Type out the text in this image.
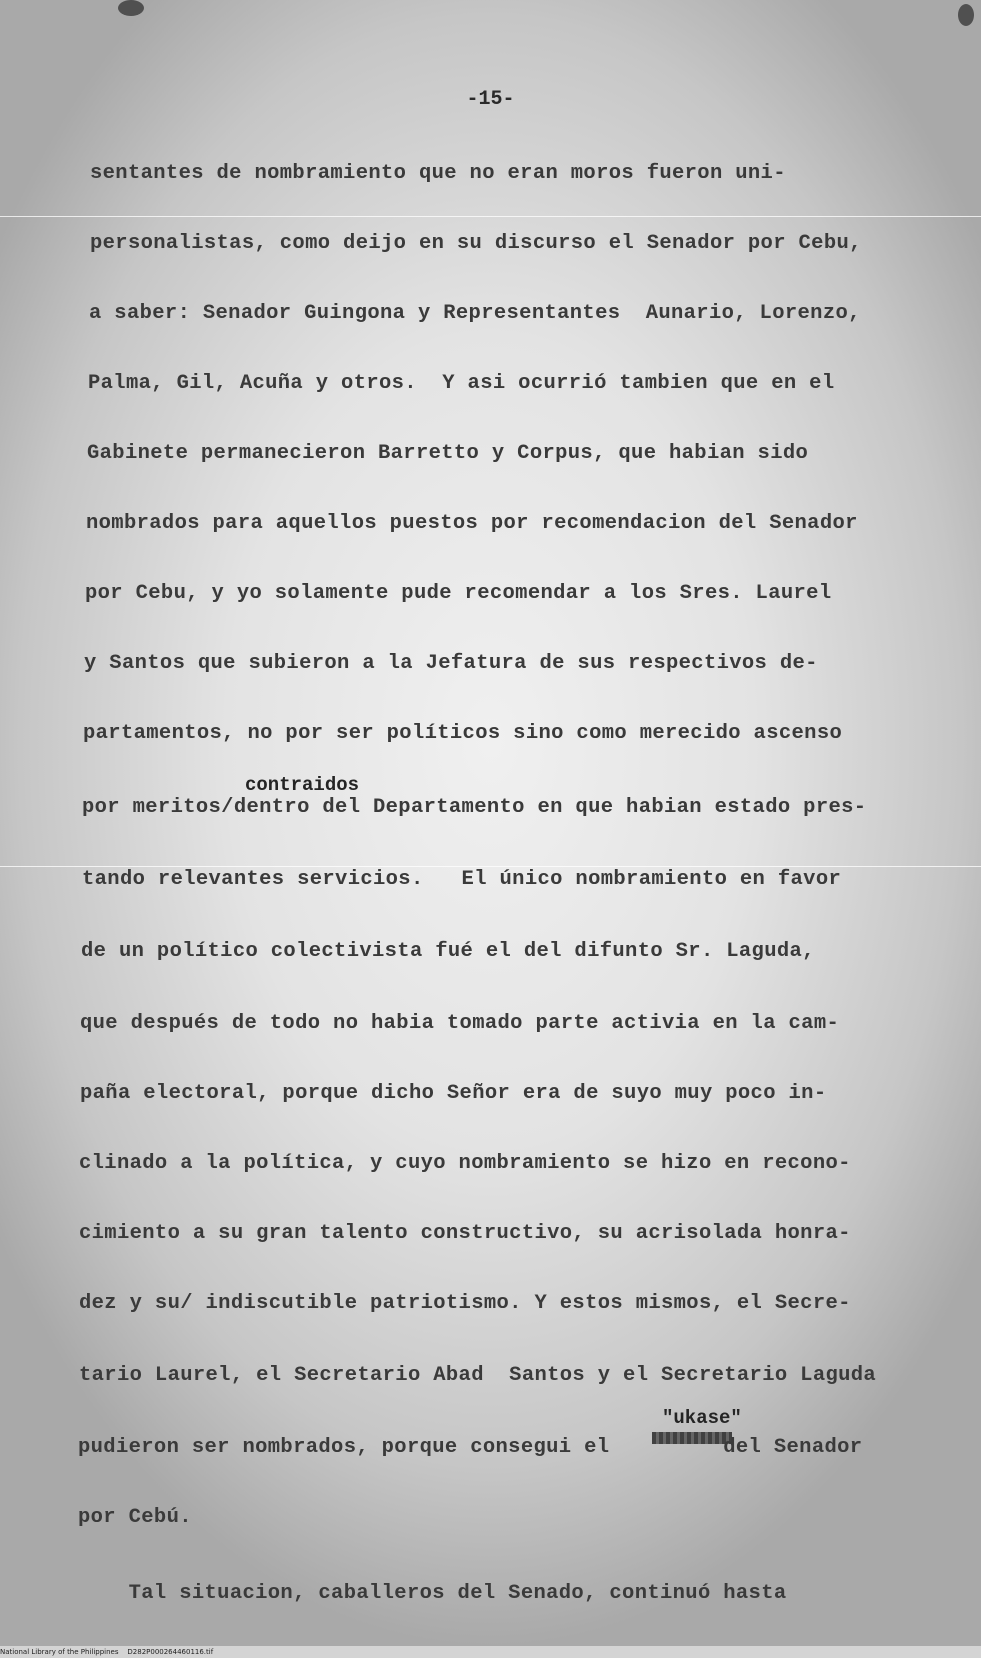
-15-

sentantes de nombramiento que no eran moros fueron uni-

personalistas, como deijo en su discurso el Senador por Cebu,

a saber: Senador Guingona y Representantes  Aunario, Lorenzo,

Palma, Gil, Acuña y otros.  Y asi ocurrió tambien que en el

Gabinete permanecieron Barretto y Corpus, que habian sido

nombrados para aquellos puestos por recomendacion del Senador

por Cebu, y yo solamente pude recomendar a los Sres. Laurel

y Santos que subieron a la Jefatura de sus respectivos de-

partamentos, no por ser políticos sino como merecido ascenso

contraidos

por meritos/dentro del Departamento en que habian estado pres-

tando relevantes servicios.   El único nombramiento en favor

de un político colectivista fué el del difunto Sr. Laguda,

que después de todo no habia tomado parte activia en la cam-

paña electoral, porque dicho Señor era de suyo muy poco in-

clinado a la política, y cuyo nombramiento se hizo en recono-

cimiento a su gran talento constructivo, su acrisolada honra-

dez y su/ indiscutible patriotismo. Y estos mismos, el Secre-

tario Laurel, el Secretario Abad  Santos y el Secretario Laguda

"ukase"

pudieron ser nombrados, porque consegui el         del Senador

por Cebú.

Tal situacion, caballeros del Senado, continuó hasta

National Library of the Philippines    D282P000264460116.tif
